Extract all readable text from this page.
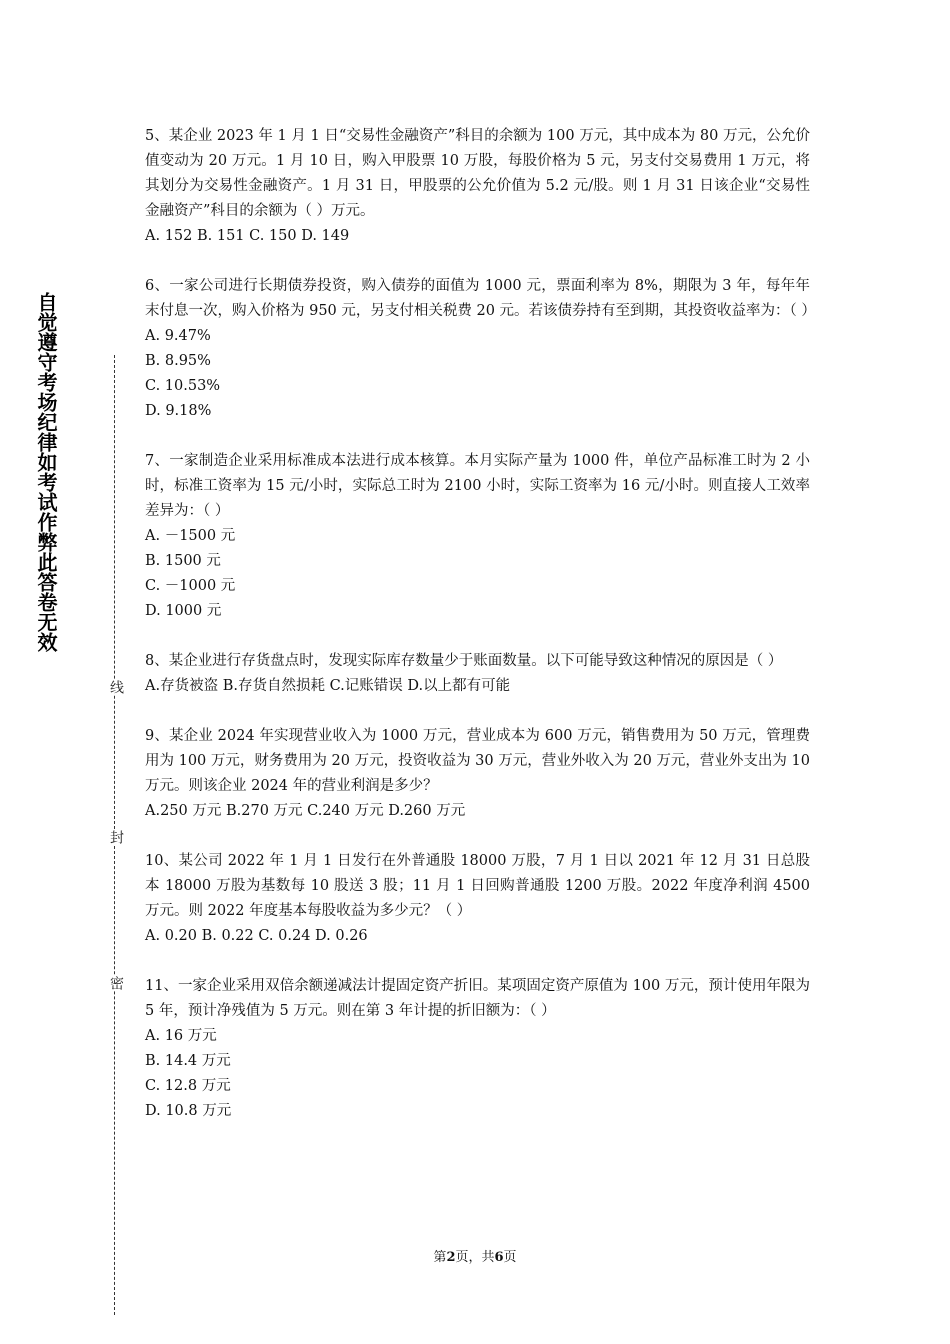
自觉遵守考场纪律如考试作弊此答卷无效
线
封
密
5、某企业 2023 年 1 月 1 日“交易性金融资产”科目的余额为 100 万元，其中成本为 80 万元，公允价值变动为 20 万元。1 月 10 日，购入甲股票 10 万股，每股价格为 5 元，另支付交易费用 1 万元，将其划分为交易性金融资产。1 月 31 日，甲股票的公允价值为 5.2 元/股。则 1 月 31 日该企业“交易性金融资产”科目的余额为（ ）万元。
A. 152 B. 151 C. 150 D. 149
6、一家公司进行长期债券投资，购入债券的面值为 1000 元，票面利率为 8%，期限为 3 年，每年年末付息一次，购入价格为 950 元，另支付相关税费 20 元。若该债券持有至到期，其投资收益率为：（ ）
A. 9.47%
B. 8.95%
C. 10.53%
D. 9.18%
7、一家制造企业采用标准成本法进行成本核算。本月实际产量为 1000 件，单位产品标准工时为 2 小时，标准工资率为 15 元/小时，实际总工时为 2100 小时，实际工资率为 16 元/小时。则直接人工效率差异为：（ ）
A. －1500 元
B. 1500 元
C. －1000 元
D. 1000 元
8、某企业进行存货盘点时，发现实际库存数量少于账面数量。以下可能导致这种情况的原因是（ ）
A.存货被盗 B.存货自然损耗 C.记账错误 D.以上都有可能
9、某企业 2024 年实现营业收入为 1000 万元，营业成本为 600 万元，销售费用为 50 万元，管理费用为 100 万元，财务费用为 20 万元，投资收益为 30 万元，营业外收入为 20 万元，营业外支出为 10 万元。则该企业 2024 年的营业利润是多少？
A.250 万元 B.270 万元 C.240 万元 D.260 万元
10、某公司 2022 年 1 月 1 日发行在外普通股 18000 万股，7 月 1 日以 2021 年 12 月 31 日总股本 18000 万股为基数每 10 股送 3 股；11 月 1 日回购普通股 1200 万股。2022 年度净利润 4500 万元。则 2022 年度基本每股收益为多少元？（ ）
A. 0.20 B. 0.22 C. 0.24 D. 0.26
11、一家企业采用双倍余额递减法计提固定资产折旧。某项固定资产原值为 100 万元，预计使用年限为 5 年，预计净残值为 5 万元。则在第 3 年计提的折旧额为：（ ）
A. 16 万元
B. 14.4 万元
C. 12.8 万元
D. 10.8 万元
第2页，共6页
